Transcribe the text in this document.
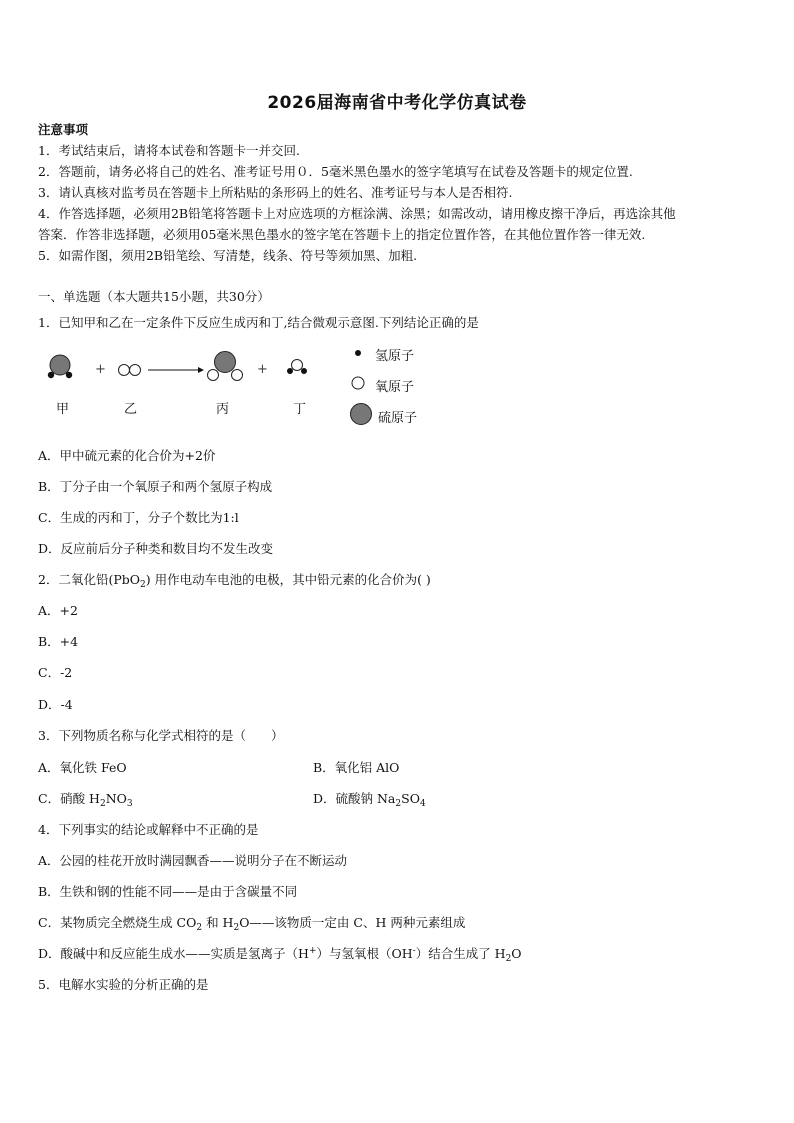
2026届海南省中考化学仿真试卷
注意事项
1．考试结束后，请将本试卷和答题卡一并交回.
2．答题前，请务必将自己的姓名、准考证号用０．5毫米黑色墨水的签字笔填写在试卷及答题卡的规定位置.
3．请认真核对监考员在答题卡上所粘贴的条形码上的姓名、准考证号与本人是否相符.
4．作答选择题，必须用2B铅笔将答题卡上对应选项的方框涂满、涂黑；如需改动，请用橡皮擦干净后，再选涂其他
答案．作答非选择题，必须用05毫米黑色墨水的签字笔在答题卡上的指定位置作答，在其他位置作答一律无效.
5．如需作图，须用2B铅笔绘、写清楚，线条、符号等须加黑、加粗.
一、单选题（本大题共15小题，共30分）
1．已知甲和乙在一定条件下反应生成丙和丁,结合微观示意图.下列结论正确的是
+	+
甲	乙	丙	丁
氢原子
氧原子
硫原子
A．甲中硫元素的化合价为+2价
B．丁分子由一个氧原子和两个氢原子构成
C．生成的丙和丁，分子个数比为1:l
D．反应前后分子种类和数目均不发生改变
2．二氧化铅(PbO$_2$) 用作电动车电池的电极，其中铅元素的化合价为( )
A．+2
B．+4
C．-2
D．-4
3．下列物质名称与化学式相符的是（　　）
A．氧化铁 FeO	B．氧化铝 AlO
C．硝酸 $H_2NO_3$	D．硫酸钠 $Na_2SO_4$
4．下列事实的结论或解释中不正确的是
A．公园的桂花开放时满园飘香——说明分子在不断运动
B．生铁和钢的性能不同——是由于含碳量不同
C．某物质完全燃烧生成 $CO_2$ 和 $H_2O——$该物质一定由 C、H 两种元素组成
D．酸碱中和反应能生成水——实质是氢离子（H+）与氢氧根（OH-）结合生成了 $H_2O$
5．电解水实验的分析正确的是
